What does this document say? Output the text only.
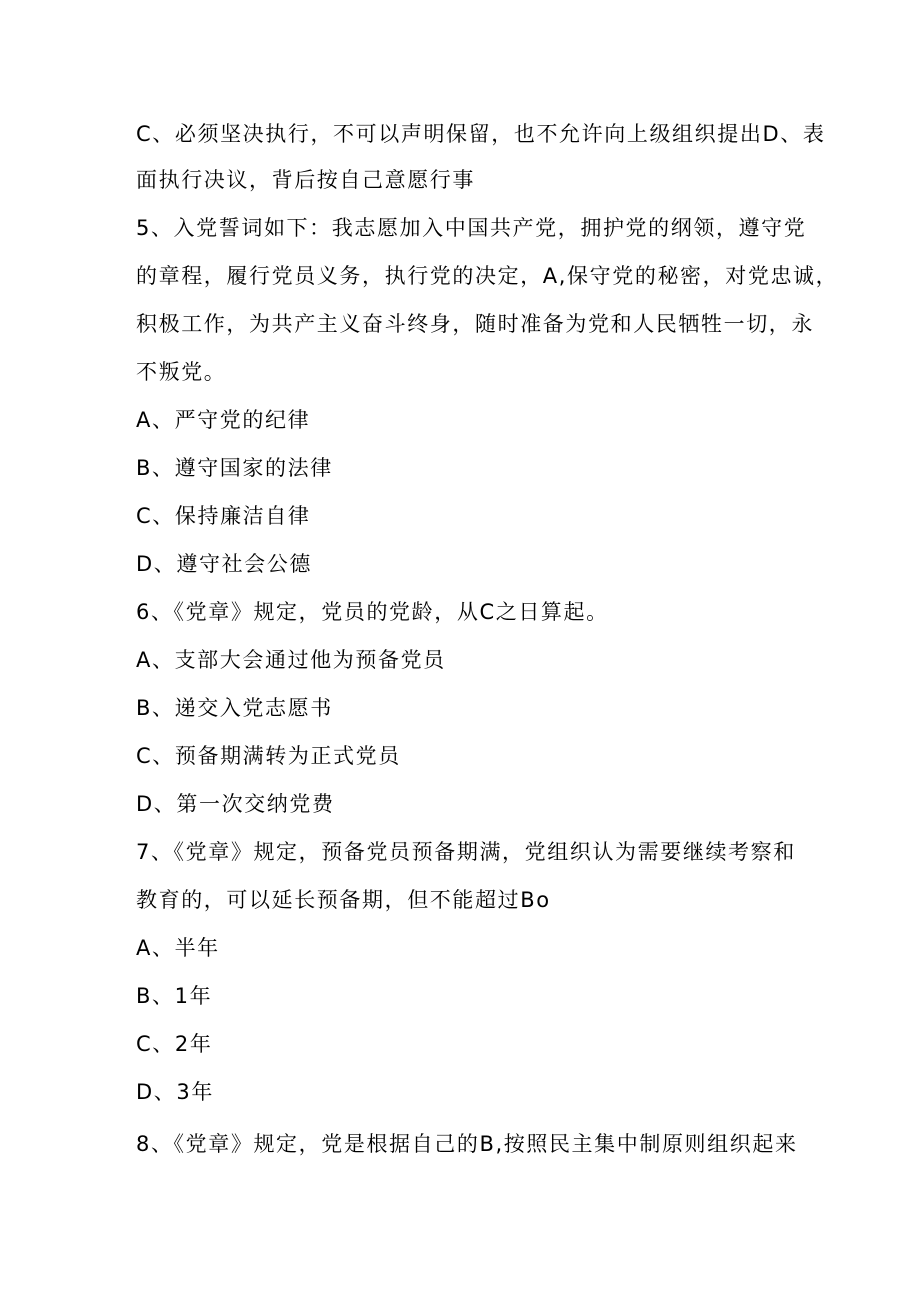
C、必须坚决执行，不可以声明保留，也不允许向上级组织提出D、表
面执行决议，背后按自己意愿行事
5、入党誓词如下：我志愿加入中国共产党，拥护党的纲领，遵守党
的章程，履行党员义务，执行党的决定，A,保守党的秘密，对党忠诚，
积极工作，为共产主义奋斗终身，随时准备为党和人民牺牲一切，永
不叛党。
A、严守党的纪律
B、遵守国家的法律
C、保持廉洁自律
D、遵守社会公德
6、《党章》规定，党员的党龄，从C之日算起。
A、支部大会通过他为预备党员
B、递交入党志愿书
C、预备期满转为正式党员
D、第一次交纳党费
7、《党章》规定，预备党员预备期满，党组织认为需要继续考察和
教育的，可以延长预备期，但不能超过Bo
A、半年
B、1年
C、2年
D、3年
8、《党章》规定，党是根据自己的B,按照民主集中制原则组织起来
